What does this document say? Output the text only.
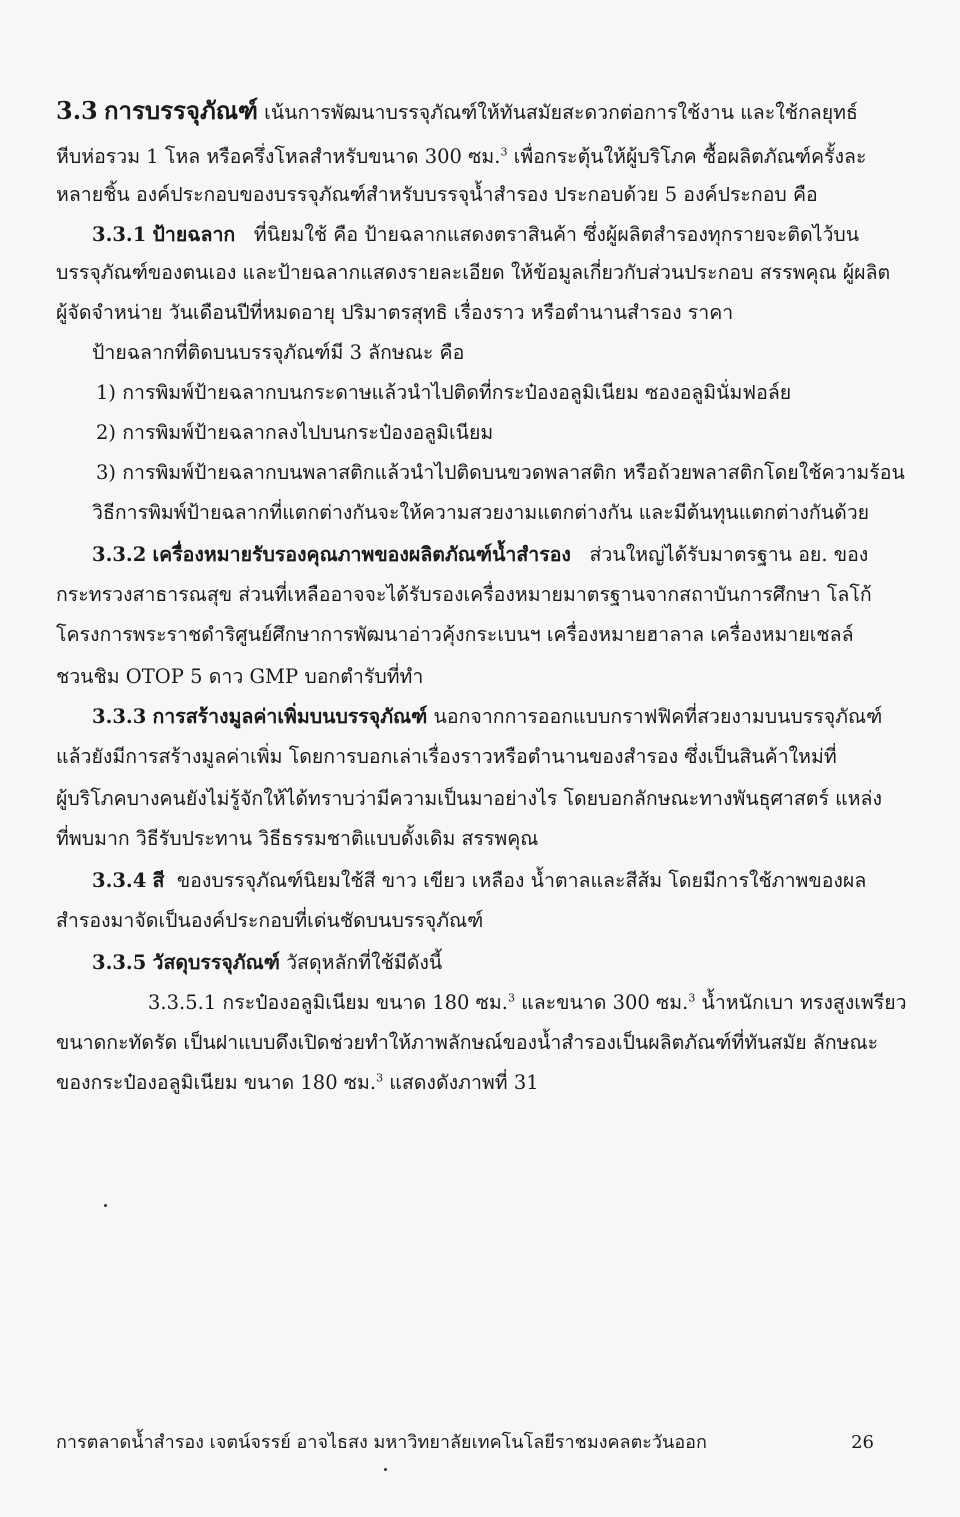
3.3 การบรรจุภัณฑ์ เน้นการพัฒนาบรรจุภัณฑ์ให้ทันสมัยสะดวกต่อการใช้งาน และใช้กลยุทธ์
หีบห่อรวม 1 โหล หรือครึ่งโหลสำหรับขนาด 300 ซม.$^3$ เพื่อกระตุ้นให้ผู้บริโภค ซื้อผลิตภัณฑ์ครั้งละ
หลายชิ้น องค์ประกอบของบรรจุภัณฑ์สำหรับบรรจุน้ำสำรอง ประกอบด้วย 5 องค์ประกอบ คือ
3.3.1 ป้ายฉลาก ที่นิยมใช้ คือ ป้ายฉลากแสดงตราสินค้า ซึ่งผู้ผลิตสำรองทุกรายจะติดไว้บน
บรรจุภัณฑ์ของตนเอง และป้ายฉลากแสดงรายละเอียด ให้ข้อมูลเกี่ยวกับส่วนประกอบ สรรพคุณ ผู้ผลิต
ผู้จัดจำหน่าย วันเดือนปีที่หมดอายุ ปริมาตรสุทธิ เรื่องราว หรือตำนานสำรอง ราคา
ป้ายฉลากที่ติดบนบรรจุภัณฑ์มี 3 ลักษณะ คือ
1) การพิมพ์ป้ายฉลากบนกระดาษแล้วนำไปติดที่กระป๋องอลูมิเนียม ซองอลูมินั่มฟอล์ย
2) การพิมพ์ป้ายฉลากลงไปบนกระป๋องอลูมิเนียม
3) การพิมพ์ป้ายฉลากบนพลาสติกแล้วนำไปติดบนขวดพลาสติก หรือถ้วยพลาสติกโดยใช้ความร้อน
วิธีการพิมพ์ป้ายฉลากที่แตกต่างกันจะให้ความสวยงามแตกต่างกัน และมีต้นทุนแตกต่างกันด้วย
3.3.2 เครื่องหมายรับรองคุณภาพของผลิตภัณฑ์น้ำสำรอง ส่วนใหญ่ได้รับมาตรฐาน อย. ของ
กระทรวงสาธารณสุข ส่วนที่เหลืออาจจะได้รับรองเครื่องหมายมาตรฐานจากสถาบันการศึกษา โลโก้
โครงการพระราชดำริศูนย์ศึกษาการพัฒนาอ่าวคุ้งกระเบนฯ เครื่องหมายฮาลาล เครื่องหมายเชลล์
ชวนชิม OTOP 5 ดาว GMP บอกตำรับที่ทำ
3.3.3 การสร้างมูลค่าเพิ่มบนบรรจุภัณฑ์ นอกจากการออกแบบกราฟฟิคที่สวยงามบนบรรจุภัณฑ์
แล้วยังมีการสร้างมูลค่าเพิ่ม โดยการบอกเล่าเรื่องราวหรือตำนานของสำรอง ซึ่งเป็นสินค้าใหม่ที่
ผู้บริโภคบางคนยังไม่รู้จักให้ได้ทราบว่ามีความเป็นมาอย่างไร โดยบอกลักษณะทางพันธุศาสตร์ แหล่ง
ที่พบมาก วิธีรับประทาน วิธีธรรมชาติแบบดั้งเดิม สรรพคุณ
3.3.4 สี ของบรรจุภัณฑ์นิยมใช้สี ขาว เขียว เหลือง น้ำตาลและสีส้ม โดยมีการใช้ภาพของผล
สำรองมาจัดเป็นองค์ประกอบที่เด่นชัดบนบรรจุภัณฑ์
3.3.5 วัสดุบรรจุภัณฑ์ วัสดุหลักที่ใช้มีดังนี้
3.3.5.1 กระป๋องอลูมิเนียม ขนาด 180 ซม.$^3$ และขนาด 300 ซม.$^3$ น้ำหนักเบา ทรงสูงเพรียว
ขนาดกะทัดรัด เป็นฝาแบบดึงเปิดช่วยทำให้ภาพลักษณ์ของน้ำสำรองเป็นผลิตภัณฑ์ที่ทันสมัย ลักษณะ
ของกระป๋องอลูมิเนียม ขนาด 180 ซม.$^3$ แสดงดังภาพที่ 31
การตลาดน้ำสำรอง เจตน์จรรย์ อาจไธสง มหาวิทยาลัยเทคโนโลยีราชมงคลตะวันออก	26
